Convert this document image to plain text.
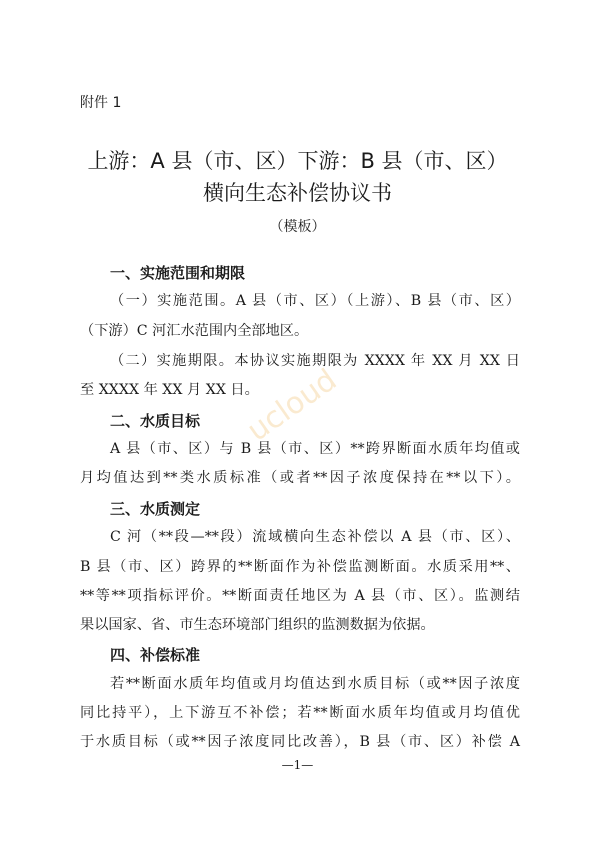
附件 1
上游：A 县（市、区）下游：B 县（市、区）
横向生态补偿协议书
（模板）
一、实施范围和期限
（一）实施范围。A 县（市、区）（上游）、B 县（市、区）
（下游）C 河汇水范围内全部地区。
（二）实施期限。本协议实施期限为 XXXX 年 XX 月 XX 日
至 XXXX 年 XX 月 XX 日。
二、水质目标
A 县（市、区）与 B 县（市、区）**跨界断面水质年均值或
月均值达到**类水质标准（或者**因子浓度保持在**以下）。
三、水质测定
C 河（**段—**段）流域横向生态补偿以 A 县（市、区）、
B 县（市、区）跨界的**断面作为补偿监测断面。水质采用**、
**等**项指标评价。**断面责任地区为 A 县（市、区）。监测结
果以国家、省、市生态环境部门组织的监测数据为依据。
四、补偿标准
若**断面水质年均值或月均值达到水质目标（或**因子浓度
同比持平），上下游互不补偿；若**断面水质年均值或月均值优
于水质目标（或**因子浓度同比改善），B 县（市、区）补偿 A
ucloud
—1—
